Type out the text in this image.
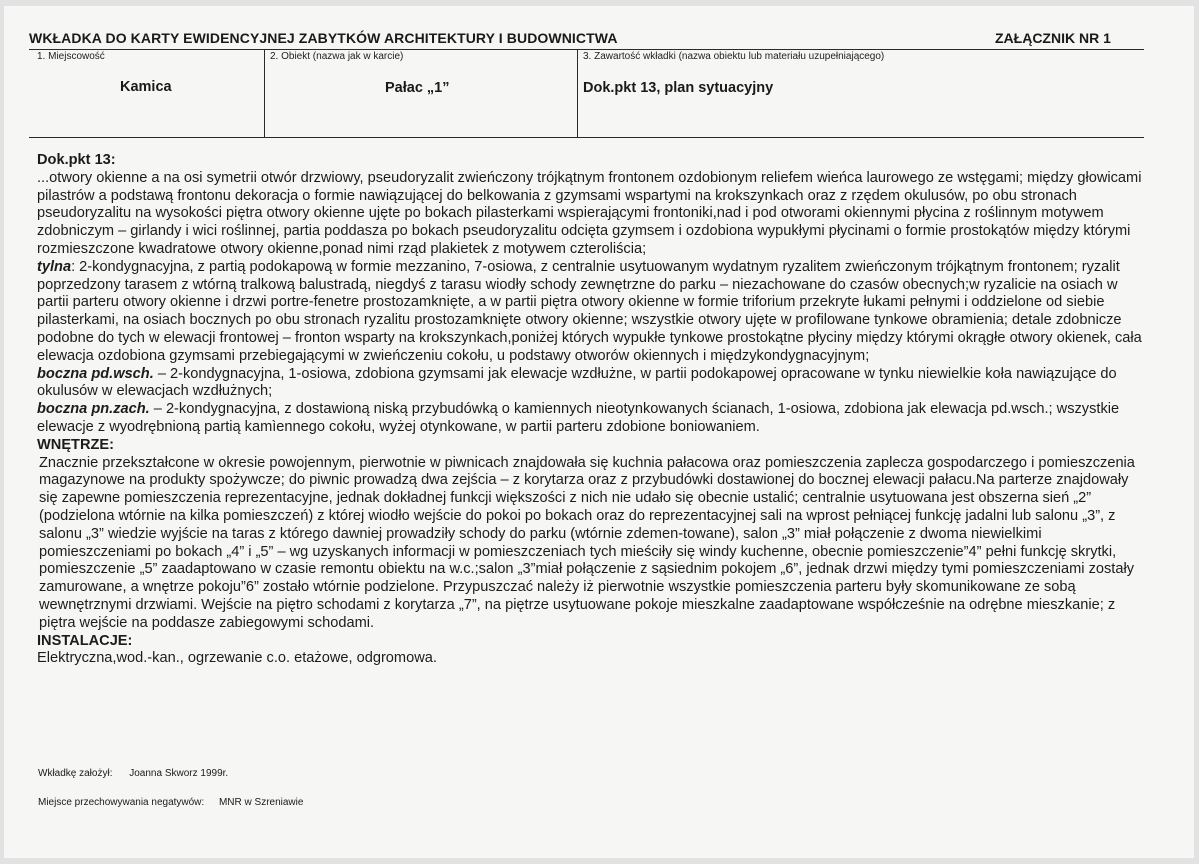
WKŁADKA DO KARTY EWIDENCYJNEJ ZABYTKÓW ARCHITEKTURY I BUDOWNICTWA	ZAŁĄCZNIK NR 1
1. Miejscowość	2. Obiekt (nazwa jak w karcie)	3. Zawartość wkładki (nazwa obiektu lub materiału uzupełniającego)
Kamica	Pałac „1”	Dok.pkt 13, plan sytuacyjny

Dok.pkt 13:

...otwory okienne a na osi symetrii otwór drzwiowy, pseudoryzalit zwieńczony trójkątnym frontonem ozdobionym reliefem wieńca laurowego ze wstęgami; między głowicami pilastrów a podstawą frontonu dekoracja o formie nawiązującej do belkowania z gzymsami wspartymi na krokszynkach oraz z rzędem okulusów, po obu stronach pseudoryzalitu na wysokości piętra otwory okienne ujęte po bokach pilasterkami wspierającymi frontoniki,nad i pod otworami okiennymi płycina z roślinnym motywem zdobniczym – girlandy i wici roślinnej, partia poddasza po bokach pseudoryzalitu odcięta gzymsem i ozdobiona wypukłymi płycinami o formie prostokątów między którymi rozmieszczone kwadratowe otwory okienne,ponad nimi rząd plakietek z motywem czteroliścia;

tylna: 2-kondygnacyjna, z partią podokapową w formie mezzanino, 7-osiowa, z centralnie usytuowanym wydatnym ryzalitem zwieńczonym trójkątnym frontonem; ryzalit poprzedzony tarasem z wtórną tralkową balustradą, niegdyś z tarasu wiodły schody zewnętrzne do parku – niezachowane do czasów obecnych;w ryzalicie na osiach w partii parteru otwory okienne i drzwi portre-fenetre prostozamknięte, a w partii piętra otwory okienne w formie triforium przekryte łukami pełnymi i oddzielone od siebie pilasterkami, na osiach bocznych po obu stronach ryzalitu prostozamknięte otwory okienne; wszystkie otwory ujęte w profilowane tynkowe obramienia; detale zdobnicze podobne do tych w elewacji frontowej – fronton wsparty na krokszynkach,poniżej których wypukłe tynkowe prostokątne płyciny między którymi okrągłe otwory okienek, cała elewacja ozdobiona gzymsami przebiegającymi w zwieńczeniu cokołu, u podstawy otworów okiennych i międzykondygnacyjnym;

boczna pd.wsch. – 2-kondygnacyjna, 1-osiowa, zdobiona gzymsami jak elewacje wzdłużne, w partii podokapowej opracowane w tynku niewielkie koła nawiązujące do okulusów w elewacjach wzdłużnych;

boczna pn.zach. – 2-kondygnacyjna, z dostawioną niską przybudówką o kamiennych nieotynkowanych ścianach, 1-osiowa, zdobiona jak elewacja pd.wsch.; wszystkie elewacje z wyodrębnioną partią kamìennego cokołu, wyżej otynkowane, w partii parteru zdobione boniowaniem.

WNĘTRZE:

Znacznie przekształcone w okresie powojennym, pierwotnie w piwnicach znajdowała się kuchnia pałacowa oraz pomieszczenia zaplecza gospodarczego i pomieszczenia magazynowe na produkty spożywcze; do piwnic prowadzą dwa zejścia – z korytarza oraz z przybudówki dostawionej do bocznej elewacji pałacu.Na parterze znajdowały się zapewne pomieszczenia reprezentacyjne, jednak dokładnej funkcji większości z nich nie udało się obecnie ustalić; centralnie usytuowana jest obszerna sień „2” (podzielona wtórnie na kilka pomieszczeń) z której wiodło wejście do pokoi po bokach oraz do reprezentacyjnej sali na wprost pełniącej funkcję jadalni lub salonu „3”, z salonu „3” wiedzie wyjście na taras z którego dawniej prowadziły schody do parku (wtórnie zdemen-towane), salon „3” miał połączenie z dwoma niewielkimi pomieszczeniami po bokach „4” i „5” – wg uzyskanych informacji w pomieszczeniach tych mieściły się windy kuchenne, obecnie pomieszczenie”4” pełni funkcję skrytki, pomieszczenie „5” zaadaptowano w czasie remontu obiektu na w.c.;salon „3”miał połączenie z sąsiednim pokojem „6”, jednak drzwi między tymi pomieszczeniami zostały zamurowane, a wnętrze pokoju”6” zostało wtórnie podzielone. Przypuszczać należy iż pierwotnie wszystkie pomieszczenia parteru były skomunikowane ze sobą wewnętrznymi drzwiami. Wejście na piętro schodami z korytarza „7”, na piętrze usytuowane pokoje mieszkalne zaadaptowane współcześnie na odrębne mieszkanie; z piętra wejście na poddasze zabiegowymi schodami.

INSTALACJE:

Elektryczna,wod.-kan., ogrzewanie c.o. etażowe, odgromowa.

Wkładkę założył: Joanna Skworz 1999r.
Miejsce przechowywania negatywów: MNR w Szreniawie
